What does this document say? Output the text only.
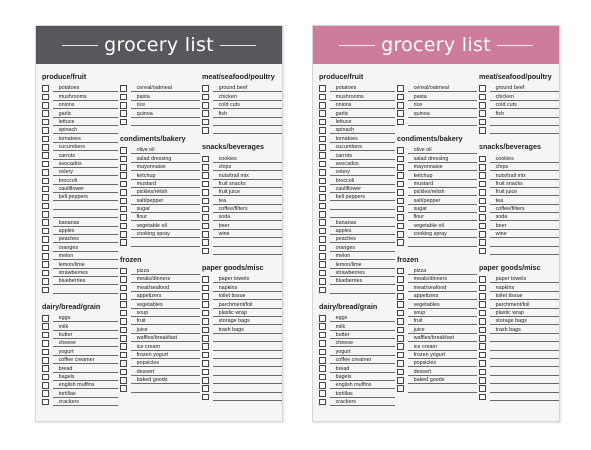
grocery list
produce/fruit
potatoes
mushrooms
onions
garlic
lettuce
spinach
tomatoes
cucumbers
carrots
avocados
celery
broccoli
cauliflower
bell peppers
bananas
apples
peaches
oranges
melon
lemon/lime
strawberries
blueberries
dairy/bread/grain
eggs
milk
butter
cheese
yogurt
coffee creamer
bread
bagels
english muffins
tortillas
crackers
cereal/oatmeal
pasta
rice
quinoa
condiments/bakery
olive oil
salad dressing
mayonnaise
ketchup
mustard
pickles/relish
salt/pepper
sugar
flour
vegetable oil
cooking spray
frozen
pizza
meals/dinners
meat/seafood
appetizers
vegetables
soup
fruit
juice
waffles/breakfast
ice cream
frozen yogurt
popsicles
dessert
baked goods
meat/seafood/poultry
ground beef
chicken
cold cuts
fish
snacks/beverages
cookies
chips
nuts/trail mix
fruit snacks
fruit juice
tea
coffee/filters
soda
beer
wine
paper goods/misc
paper towels
napkins
toilet tissue
parchment/foil
plastic wrap
storage bags
trash bags
grocery list
produce/fruit
potatoes
mushrooms
onions
garlic
lettuce
spinach
tomatoes
cucumbers
carrots
avocados
celery
broccoli
cauliflower
bell peppers
bananas
apples
peaches
oranges
melon
lemon/lime
strawberries
blueberries
dairy/bread/grain
eggs
milk
butter
cheese
yogurt
coffee creamer
bread
bagels
english muffins
tortillas
crackers
cereal/oatmeal
pasta
rice
quinoa
condiments/bakery
olive oil
salad dressing
mayonnaise
ketchup
mustard
pickles/relish
salt/pepper
sugar
flour
vegetable oil
cooking spray
frozen
pizza
meals/dinners
meat/seafood
appetizers
vegetables
soup
fruit
juice
waffles/breakfast
ice cream
frozen yogurt
popsicles
dessert
baked goods
meat/seafood/poultry
ground beef
chicken
cold cuts
fish
snacks/beverages
cookies
chips
nuts/trail mix
fruit snacks
fruit juice
tea
coffee/filters
soda
beer
wine
paper goods/misc
paper towels
napkins
toilet tissue
parchment/foil
plastic wrap
storage bags
trash bags
